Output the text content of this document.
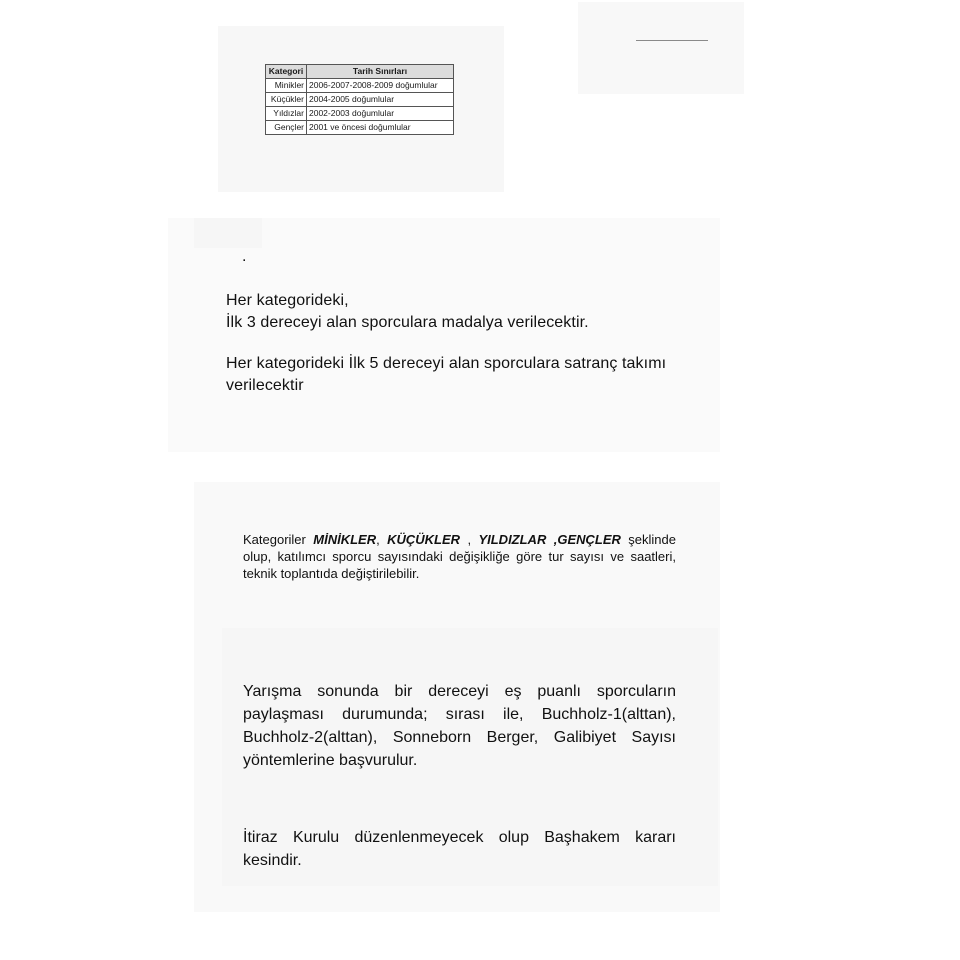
Kategori	Tarih Sınırları
Minikler	2006-2007-2008-2009 doğumlular
Küçükler	2004-2005 doğumlular
Yıldızlar	2002-2003 doğumlular
Gençler	2001 ve öncesi doğumlular
.

Her kategorideki,

İlk 3 dereceyi alan sporculara madalya verilecektir.

Her kategorideki İlk 5 dereceyi alan sporculara satranç takımı verilecektir

Kategoriler MİNİKLER, KÜÇÜKLER , YILDIZLAR ,GENÇLER şeklinde olup, katılımcı sporcu sayısındaki değişikliğe göre tur sayısı ve saatleri, teknik toplantıda değiştirilebilir.
Yarışma sonunda bir dereceyi eş puanlı sporcuların paylaşması durumunda; sırası ile, Buchholz-1(alttan), Buchholz-2(alttan), Sonneborn Berger, Galibiyet Sayısı yöntemlerine başvurulur.
İtiraz Kurulu düzenlenmeyecek olup Başhakem kararı kesindir.
